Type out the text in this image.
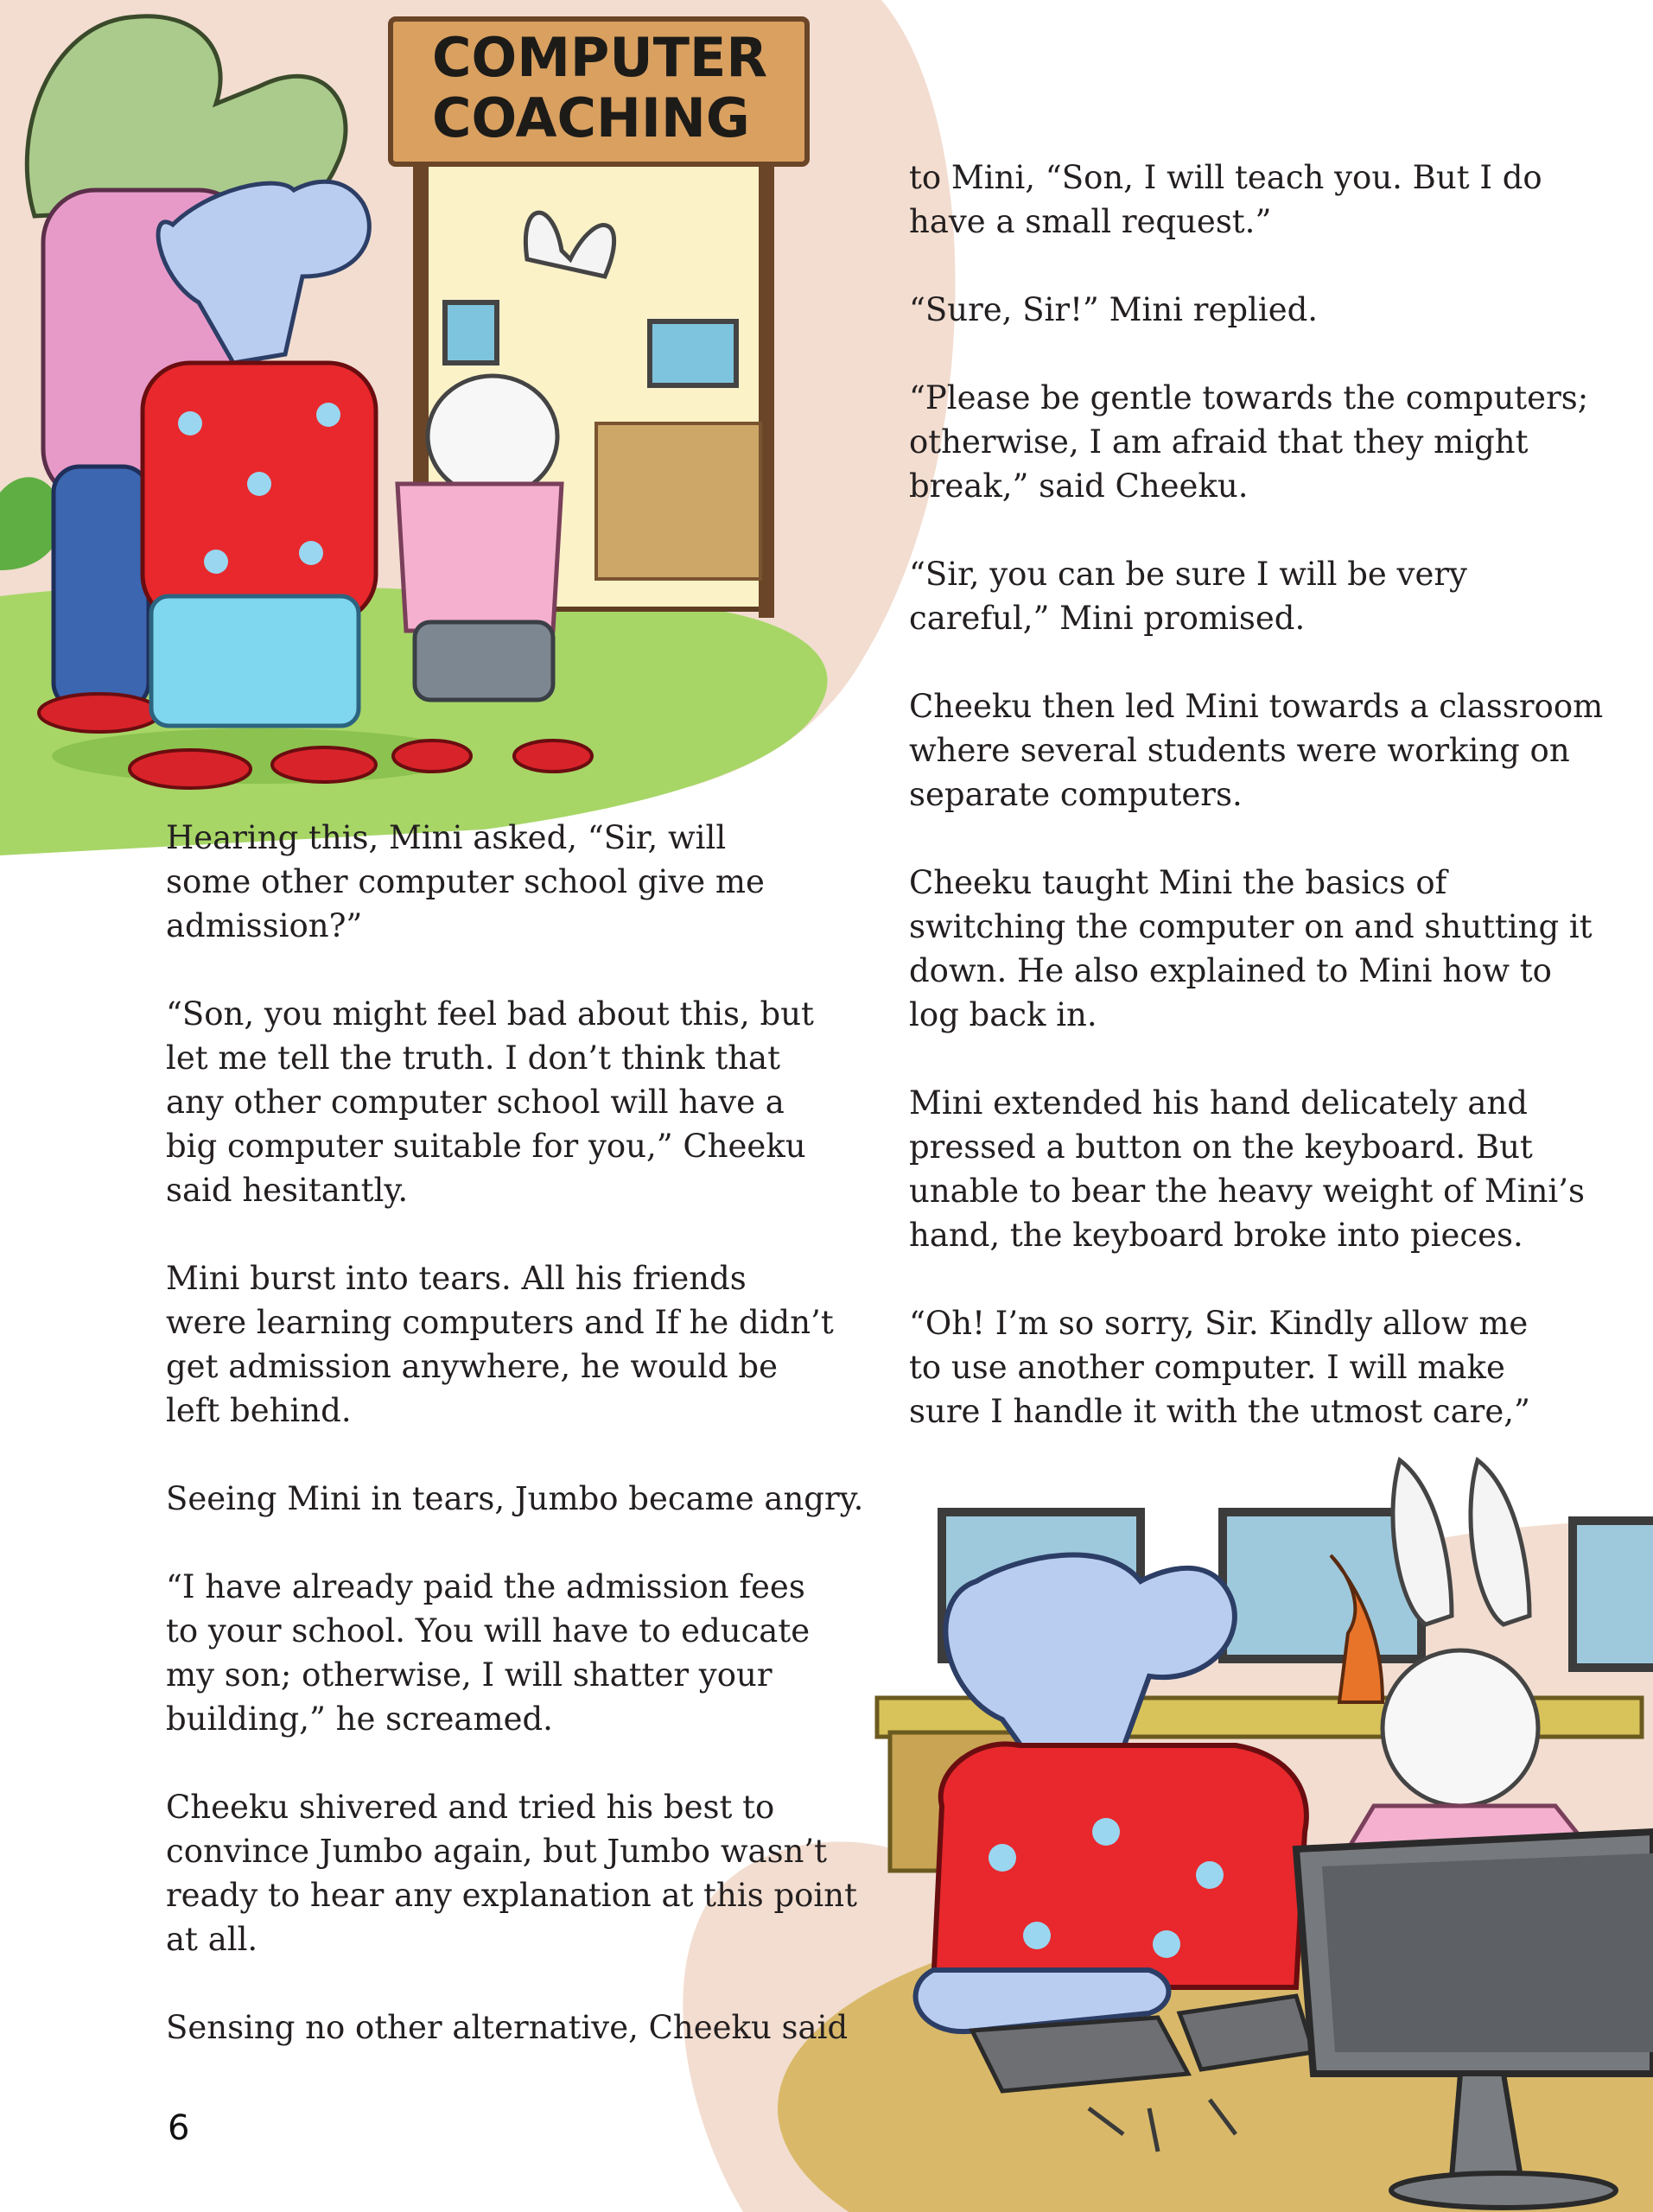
COMPUTER
COACHING

Hearing this, Mini asked, “Sir, will
some other computer school give me
admission?”

“Son, you might feel bad about this, but
let me tell the truth. I don’t think that
any other computer school will have a
big computer suitable for you,” Cheeku
said hesitantly.

Mini burst into tears. All his friends
were learning computers and If he didn’t
get admission anywhere, he would be
left behind.

Seeing Mini in tears, Jumbo became angry.

“I have already paid the admission fees
to your school. You will have to educate
my son; otherwise, I will shatter your
building,” he screamed.

Cheeku shivered and tried his best to
convince Jumbo again, but Jumbo wasn’t
ready to hear any explanation at this point
at all.

Sensing no other alternative, Cheeku said

to Mini, “Son, I will teach you. But I do
have a small request.”

“Sure, Sir!” Mini replied.

“Please be gentle towards the computers;
otherwise, I am afraid that they might
break,” said Cheeku.

“Sir, you can be sure I will be very
careful,” Mini promised.

Cheeku then led Mini towards a classroom
where several students were working on
separate computers.

Cheeku taught Mini the basics of
switching the computer on and shutting it
down. He also explained to Mini how to
log back in.

Mini extended his hand delicately and
pressed a button on the keyboard. But
unable to bear the heavy weight of Mini’s
hand, the keyboard broke into pieces.

“Oh! I’m so sorry, Sir. Kindly allow me
to use another computer. I will make
sure I handle it with the utmost care,”

6
